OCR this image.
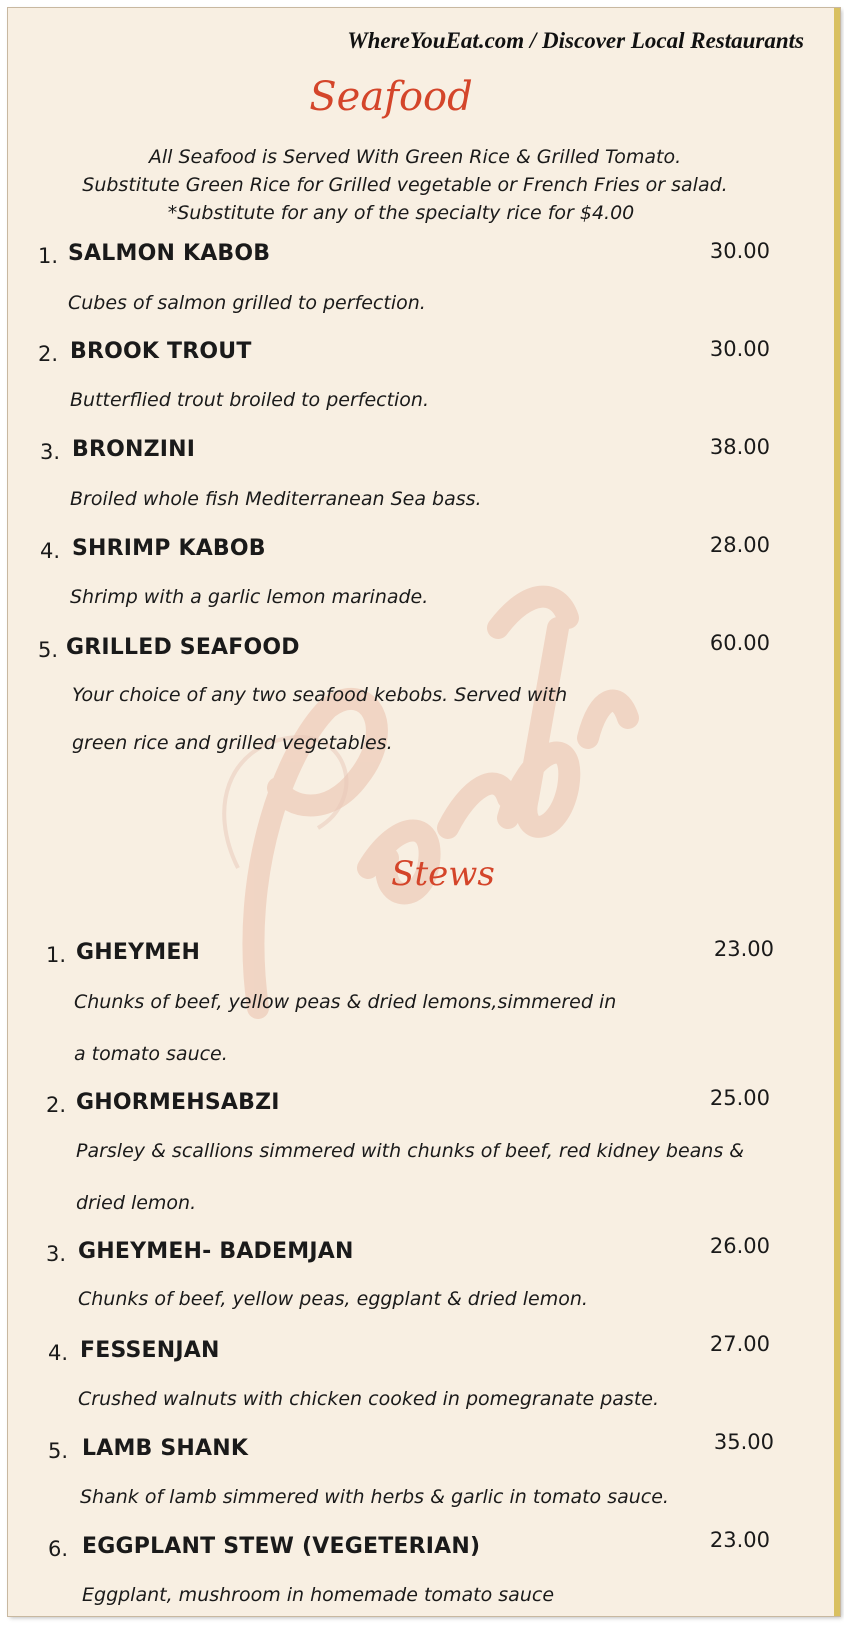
WhereYouEat.com / Discover Local Restaurants
Seafood
All Seafood is Served With Green Rice & Grilled Tomato.
Substitute Green Rice for Grilled vegetable or French Fries or salad.
*Substitute for any of the specialty rice for $4.00
1. SALMON KABOB	30.00
Cubes of salmon grilled to perfection.
2. BROOK TROUT	30.00
Butterflied trout broiled to perfection.
3. BRONZINI	38.00
Broiled whole fish Mediterranean Sea bass.
4. SHRIMP KABOB	28.00
Shrimp with a garlic lemon marinade.
5. GRILLED SEAFOOD	60.00
Your choice of any two seafood kebobs. Served with
green rice and grilled vegetables.
Stews
1. GHEYMEH	23.00
Chunks of beef, yellow peas & dried lemons,simmered in
a tomato sauce.
2. GHORMEHSABZI	25.00
Parsley & scallions simmered with chunks of beef, red kidney beans &
dried lemon.
3. GHEYMEH- BADEMJAN	26.00
Chunks of beef, yellow peas, eggplant & dried lemon.
4. FESSENJAN	27.00
Crushed walnuts with chicken cooked in pomegranate paste.
5. LAMB SHANK	35.00
Shank of lamb simmered with herbs & garlic in tomato sauce.
6. EGGPLANT STEW (VEGETERIAN)	23.00
Eggplant, mushroom in homemade tomato sauce
